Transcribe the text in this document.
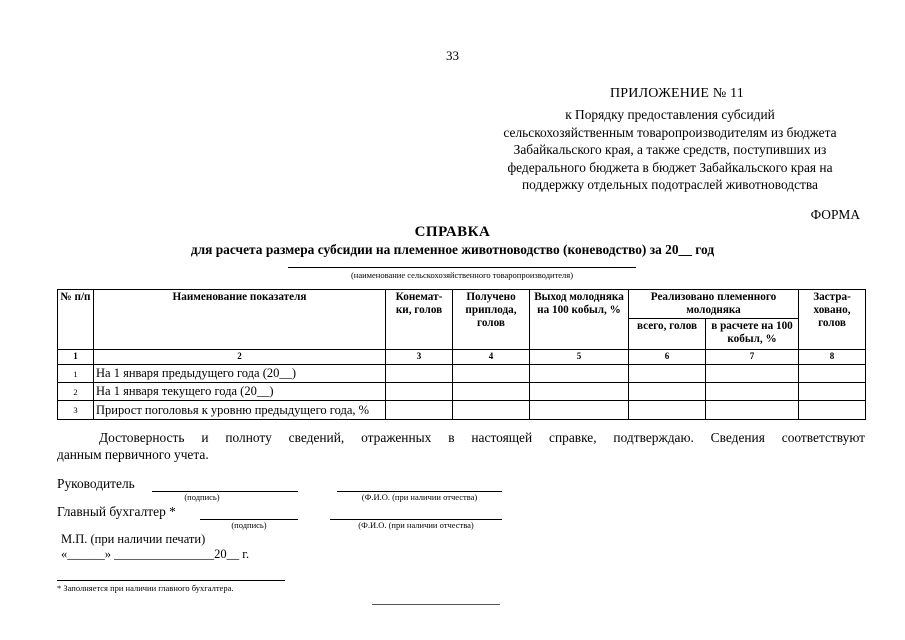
33
ПРИЛОЖЕНИЕ № 11
к Порядку предоставления субсидий
сельскохозяйственным товаропроизводителям из бюджета
Забайкальского края, а также средств, поступивших из
федерального бюджета в бюджет Забайкальского края на
поддержку отдельных подотраслей животноводства
ФОРМА
СПРАВКА
для расчета размера субсидии на племенное животноводство (коневодство) за 20__ год
(наименование сельскохозяйственного товаропроизводителя)
№ п/п	Наименование показателя	Конемат-ки, голов	Получено приплода, голов	Выход молодняка на 100 кобыл, %	Реализовано племенного молодняка		Застра-ховано, голов
					всего, голов	в расчете на 100 кобыл, %	
1	2	3	4	5	6	7	8
1	На 1 января предыдущего года (20__)						
2	На 1 января текущего года (20__)						
3	Прирост поголовья к уровню предыдущего года, %						
Достоверность и полноту сведений, отраженных в настоящей справке, подтверждаю. Сведения соответствуют
данным первичного учета.
Руководитель
(подпись)	(Ф.И.О. (при наличии отчества)
Главный бухгалтер *
(подпись)	(Ф.И.О. (при наличии отчества)
М.П. (при наличии печати)
«______» ________________20__ г.
* Заполняется при наличии главного бухгалтера.
